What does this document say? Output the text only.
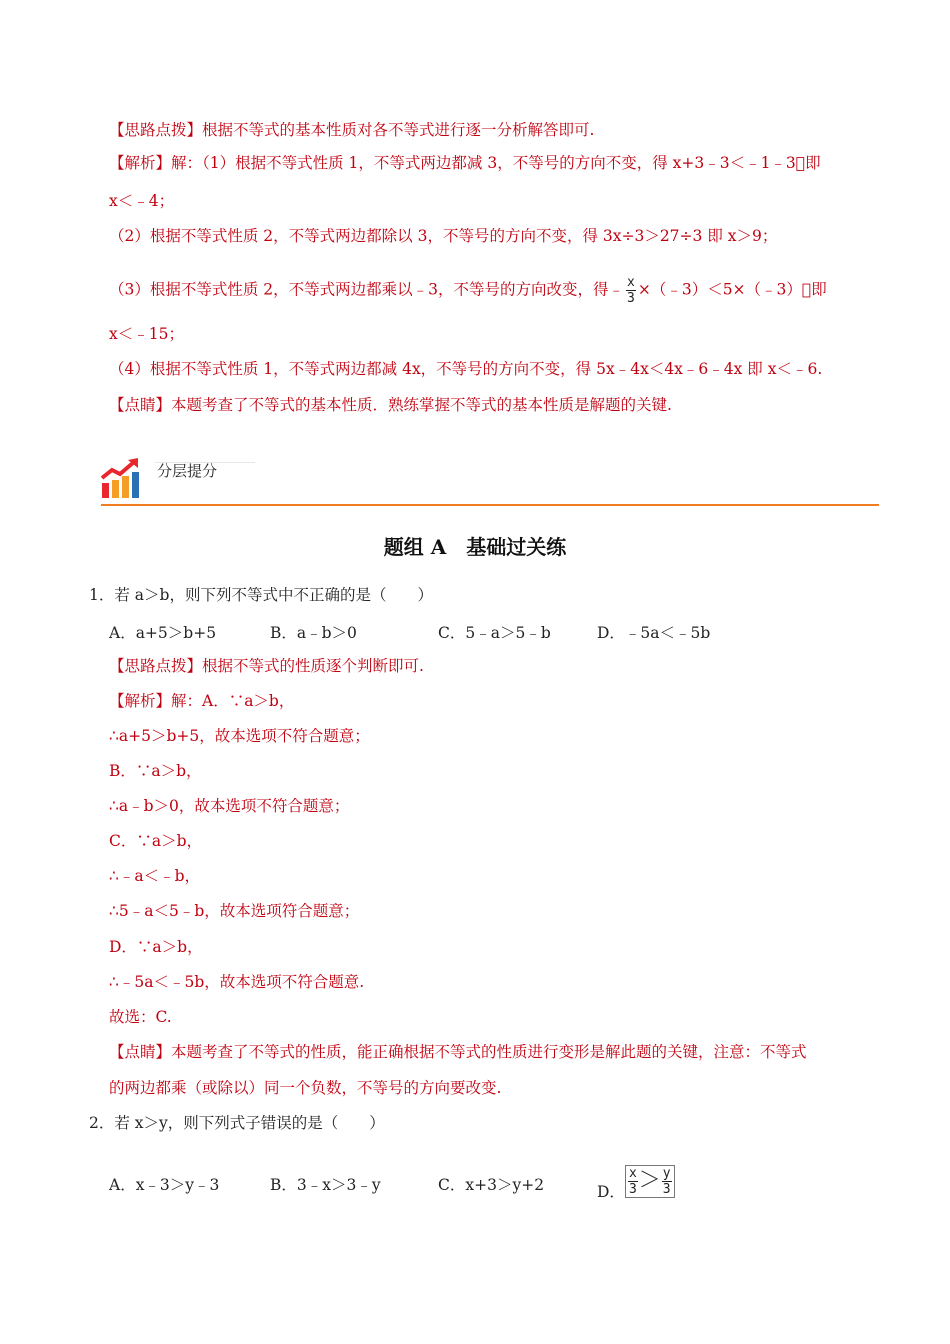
【思路点拨】根据不等式的基本性质对各不等式进行逐一分析解答即可.
【解析】解：（1）根据不等式性质 1，不等式两边都减 3，不等号的方向不变，得 x+3﹣3＜﹣1﹣3􏰀即
x＜﹣4；
（2）根据不等式性质 2，不等式两边都除以 3，不等号的方向不变，得 3x÷3＞27÷3 即 x＞9；
（3）根据不等式性质 2，不等式两边都乘以﹣3，不等号的方向改变，得﹣ $\frac{x}{3}$ ×（﹣3）＜5×（﹣3）􏰀即
x＜﹣15；
（4）根据不等式性质 1，不等式两边都减 4x，不等号的方向不变，得 5x﹣4x＜4x﹣6﹣4x 即 x＜﹣6.
【点睛】本题考查了不等式的基本性质．熟练掌握不等式的基本性质是解题的关键.
分层提分
题组 A　基础过关练
1．若 a＞b，则下列不等式中不正确的是（　　）
A．a+5＞b+5	B．a﹣b＞0	C．5﹣a＞5﹣b	D．﹣5a＜﹣5b
【思路点拨】根据不等式的性质逐个判断即可.
【解析】解：A．∵a＞b，
∴a+5＞b+5，故本选项不符合题意；
B．∵a＞b，
∴a﹣b＞0，故本选项不符合题意；
C．∵a＞b，
∴﹣a＜﹣b，
∴5﹣a＜5﹣b，故本选项符合题意；
D．∵a＞b，
∴﹣5a＜﹣5b，故本选项不符合题意.
故选：C.
【点睛】本题考查了不等式的性质，能正确根据不等式的性质进行变形是解此题的关键，注意：不等式
的两边都乘（或除以）同一个负数，不等号的方向要改变.
2．若 x＞y，则下列式子错误的是（　　）
A．x﹣3＞y﹣3	B．3﹣x＞3﹣y	C．x+3＞y+2	D． $\frac{x}{3} > \frac{y}{3}$
